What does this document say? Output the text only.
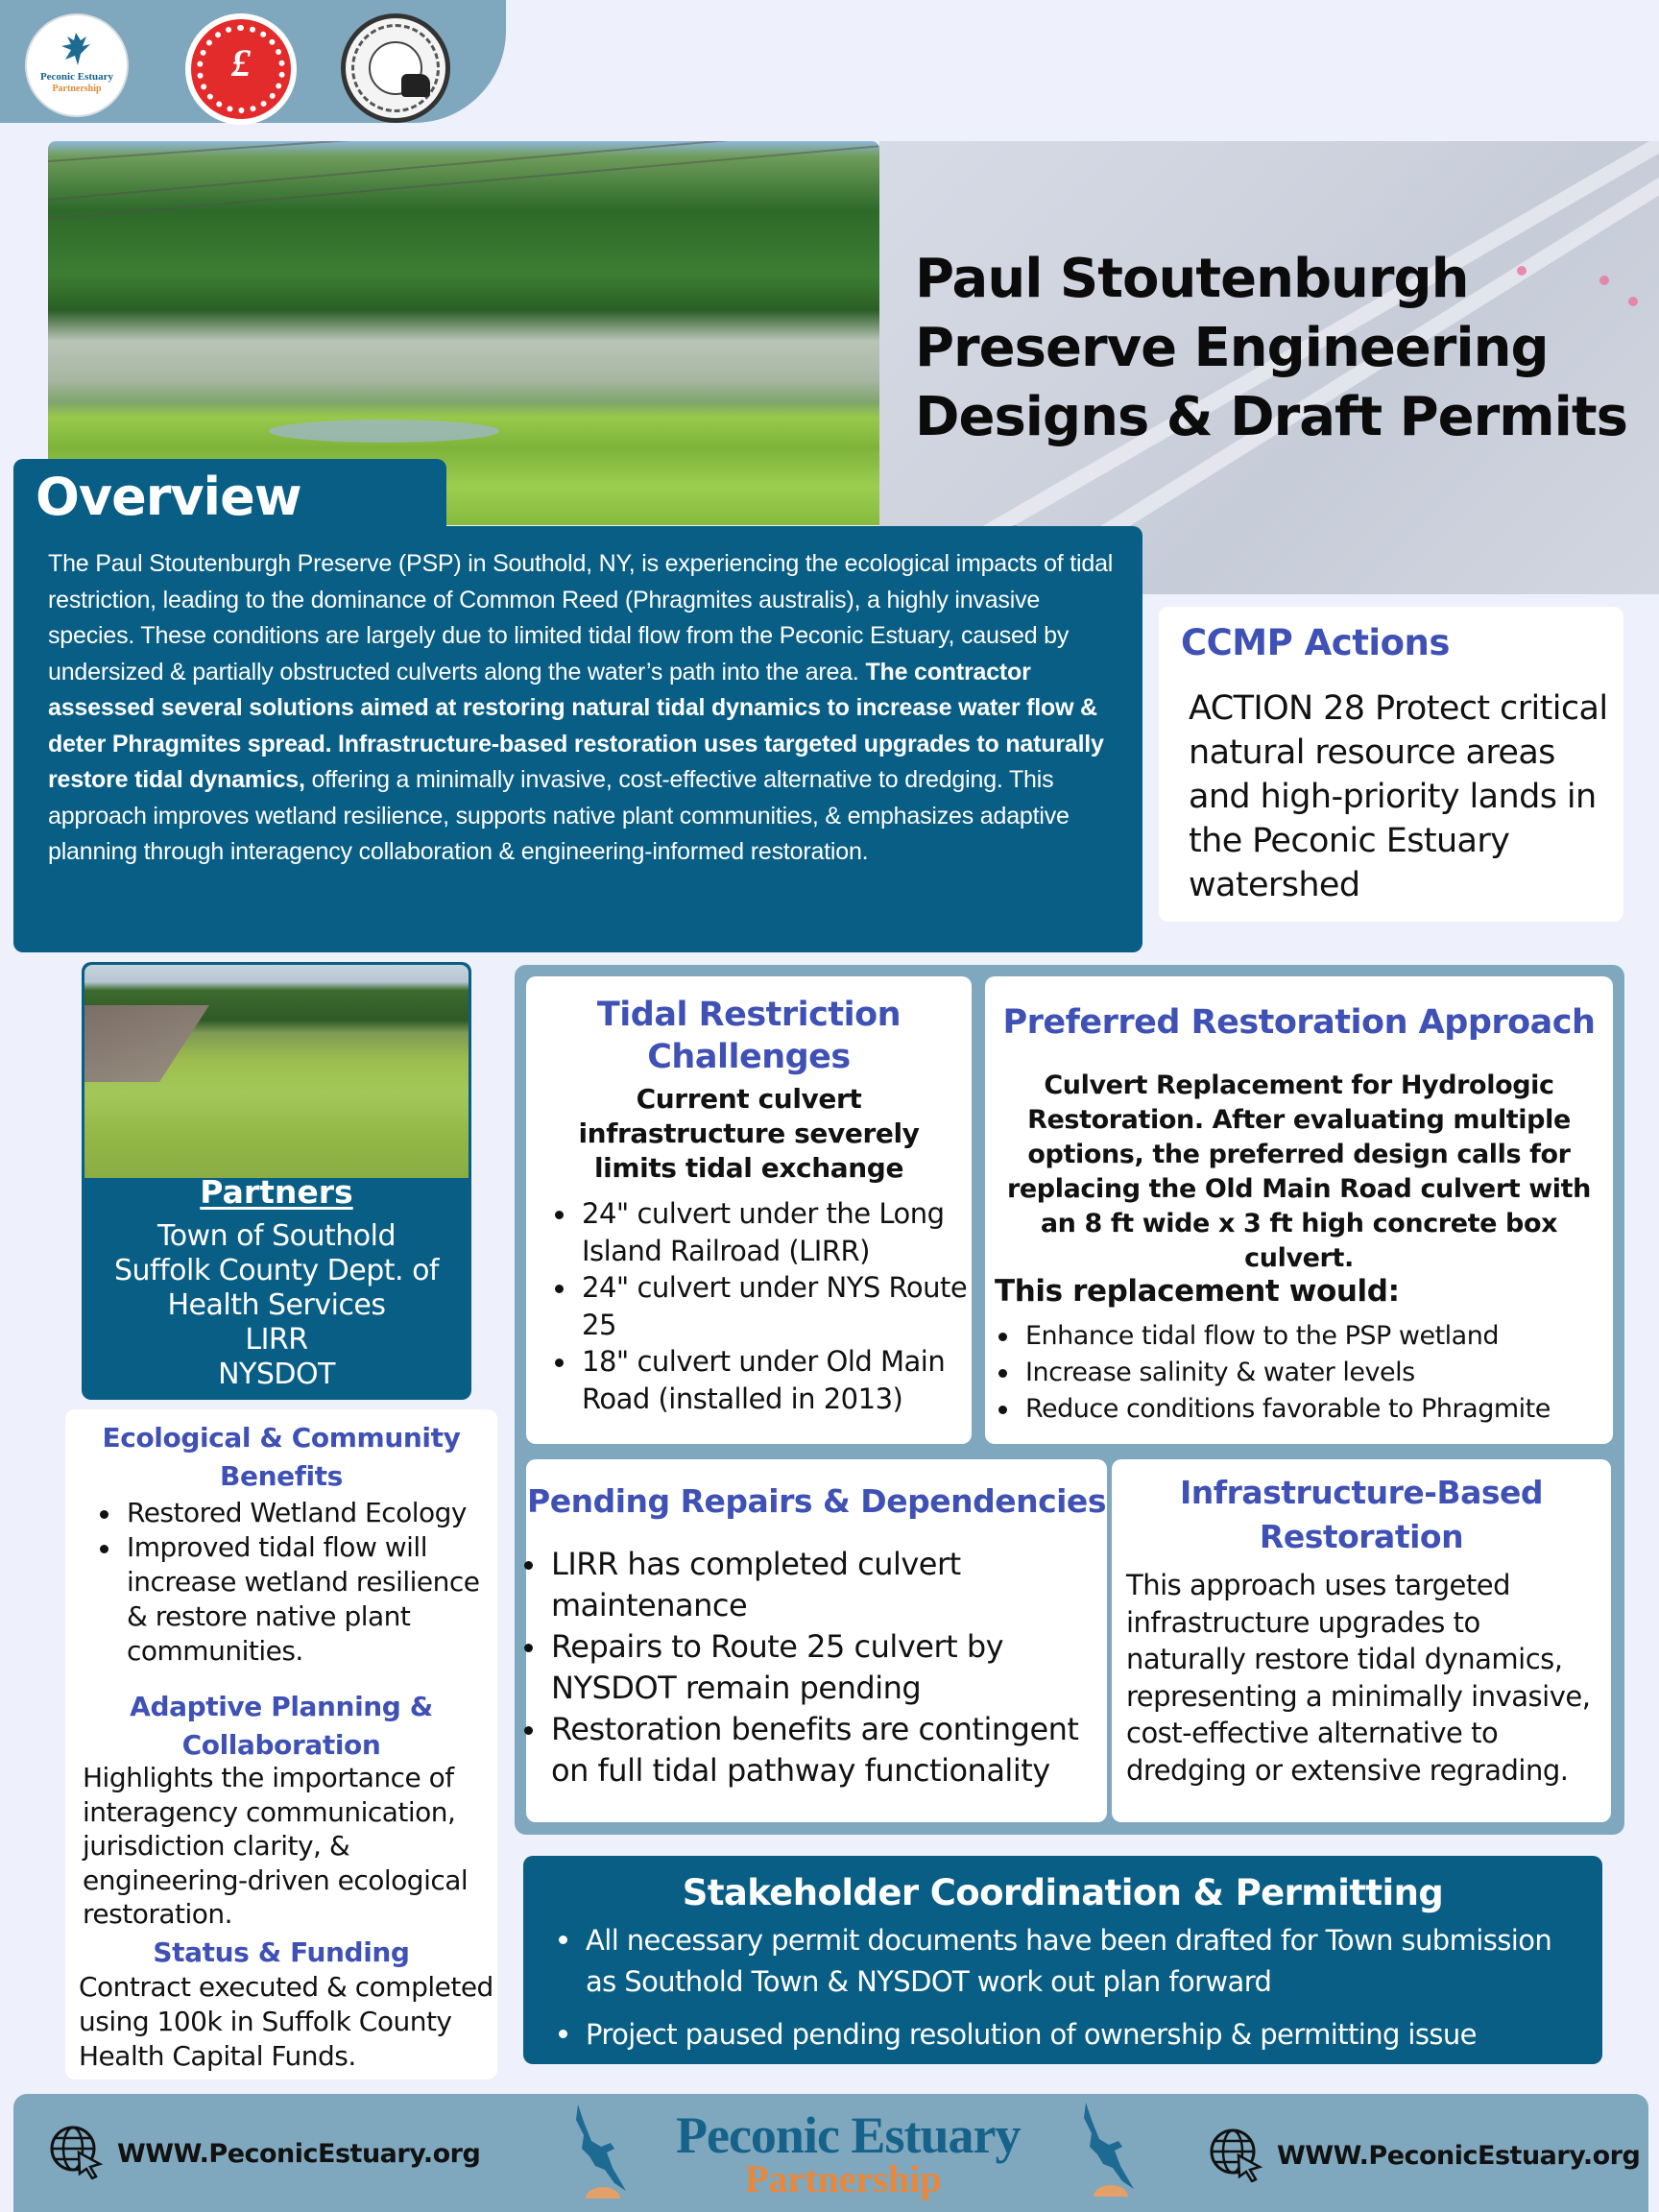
Peconic Estuary
Partnership
£
Paul Stoutenburgh
Preserve Engineering
Designs & Draft Permits
Overview
The Paul Stoutenburgh Preserve (PSP) in Southold, NY, is experiencing the ecological impacts of tidal restriction, leading to the dominance of Common Reed (Phragmites australis), a highly invasive species. These conditions are largely due to limited tidal flow from the Peconic Estuary, caused by undersized & partially obstructed culverts along the water’s path into the area. The contractor assessed several solutions aimed at restoring natural tidal dynamics to increase water flow & deter Phragmites spread. Infrastructure-based restoration uses targeted upgrades to naturally restore tidal dynamics, offering a minimally invasive, cost-effective alternative to dredging. This approach improves wetland resilience, supports native plant communities, & emphasizes adaptive planning through interagency collaboration & engineering-informed restoration.
CCMP Actions
ACTION 28 Protect critical natural resource areas and high-priority lands in the Peconic Estuary watershed
Partners
Town of Southold
Suffolk County Dept. of
Health Services
LIRR
NYSDOT
Ecological & Community Benefits
Restored Wetland Ecology
Improved tidal flow will increase wetland resilience & restore native plant communities.
Adaptive Planning & Collaboration
Highlights the importance of interagency communication, jurisdiction clarity, & engineering-driven ecological restoration.
Status & Funding
Contract executed & completed using 100k in Suffolk County Health Capital Funds.
Tidal Restriction Challenges
Current culvert infrastructure severely limits tidal exchange
24" culvert under the Long Island Railroad (LIRR)
24" culvert under NYS Route 25
18" culvert under Old Main Road (installed in 2013)
Preferred Restoration Approach
Culvert Replacement for Hydrologic Restoration. After evaluating multiple options, the preferred design calls for replacing the Old Main Road culvert with an 8 ft wide x 3 ft high concrete box culvert.
This replacement would:
Enhance tidal flow to the PSP wetland
Increase salinity & water levels
Reduce conditions favorable to Phragmite
Pending Repairs & Dependencies
LIRR has completed culvert maintenance
Repairs to Route 25 culvert by NYSDOT remain pending
Restoration benefits are contingent on full tidal pathway functionality
Infrastructure-Based Restoration
This approach uses targeted infrastructure upgrades to naturally restore tidal dynamics, representing a minimally invasive, cost-effective alternative to dredging or extensive regrading.
Stakeholder Coordination & Permitting
All necessary permit documents have been drafted for Town submission as Southold Town & NYSDOT work out plan forward
Project paused pending resolution of ownership & permitting issue
WWW.PeconicEstuary.org	Peconic Estuary
Partnership
WWW.PeconicEstuary.org
